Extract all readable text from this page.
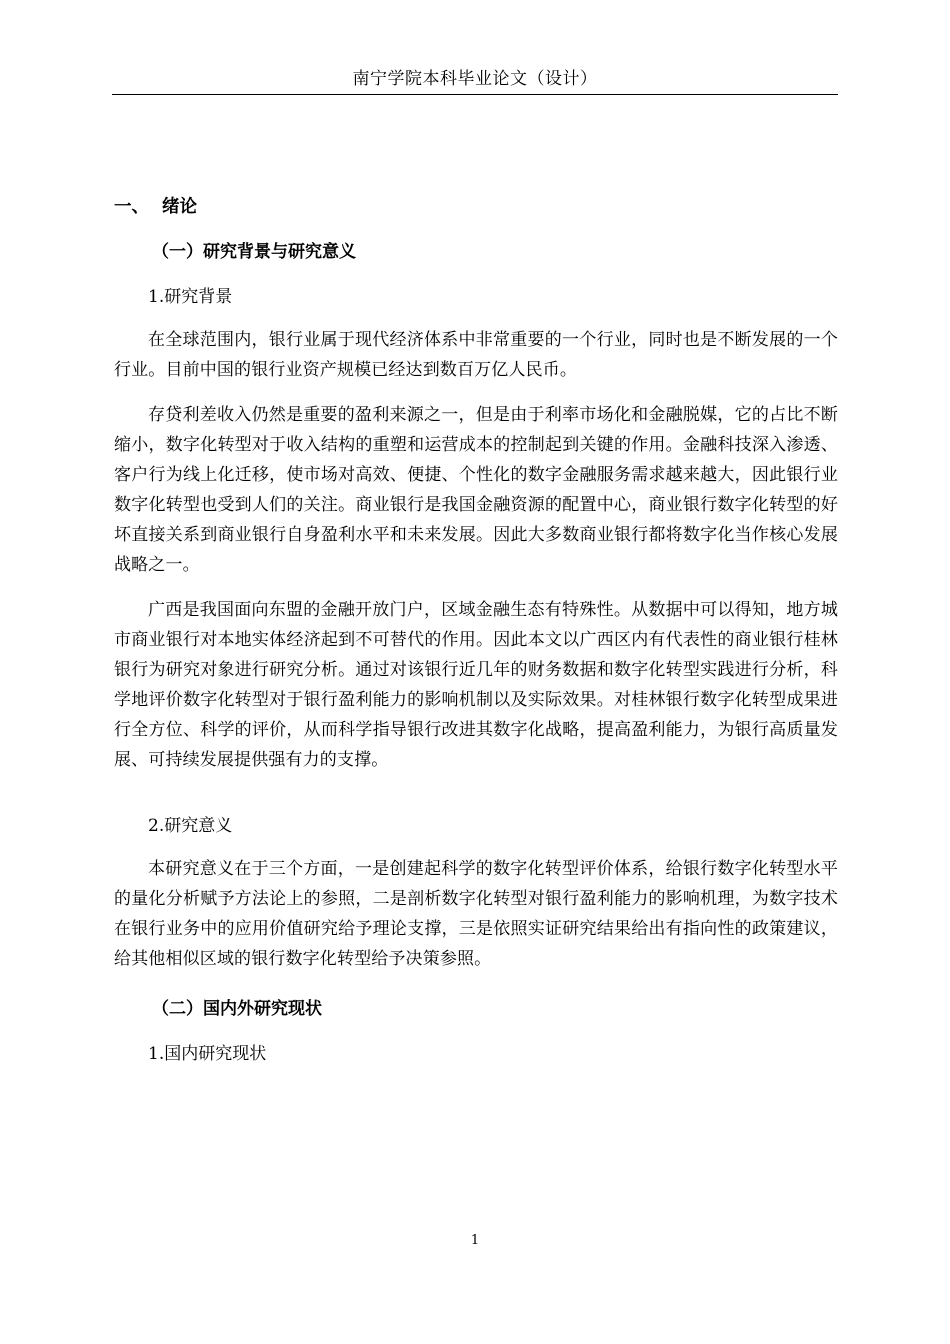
南宁学院本科毕业论文（设计）
一、 绪论
（一）研究背景与研究意义
1.研究背景
在全球范围内，银行业属于现代经济体系中非常重要的一个行业，同时也是不断发展的一个行业。目前中国的银行业资产规模已经达到数百万亿人民币。
存贷利差收入仍然是重要的盈利来源之一，但是由于利率市场化和金融脱媒，它的占比不断缩小，数字化转型对于收入结构的重塑和运营成本的控制起到关键的作用。金融科技深入渗透、客户行为线上化迁移，使市场对高效、便捷、个性化的数字金融服务需求越来越大，因此银行业数字化转型也受到人们的关注。商业银行是我国金融资源的配置中心，商业银行数字化转型的好坏直接关系到商业银行自身盈利水平和未来发展。因此大多数商业银行都将数字化当作核心发展战略之一。
广西是我国面向东盟的金融开放门户，区域金融生态有特殊性。从数据中可以得知，地方城市商业银行对本地实体经济起到不可替代的作用。因此本文以广西区内有代表性的商业银行桂林银行为研究对象进行研究分析。通过对该银行近几年的财务数据和数字化转型实践进行分析，科学地评价数字化转型对于银行盈利能力的影响机制以及实际效果。对桂林银行数字化转型成果进行全方位、科学的评价，从而科学指导银行改进其数字化战略，提高盈利能力，为银行高质量发展、可持续发展提供强有力的支撑。
2.研究意义
本研究意义在于三个方面，一是创建起科学的数字化转型评价体系，给银行数字化转型水平的量化分析赋予方法论上的参照，二是剖析数字化转型对银行盈利能力的影响机理，为数字技术在银行业务中的应用价值研究给予理论支撑，三是依照实证研究结果给出有指向性的政策建议，给其他相似区域的银行数字化转型给予决策参照。
（二）国内外研究现状
1.国内研究现状
1
